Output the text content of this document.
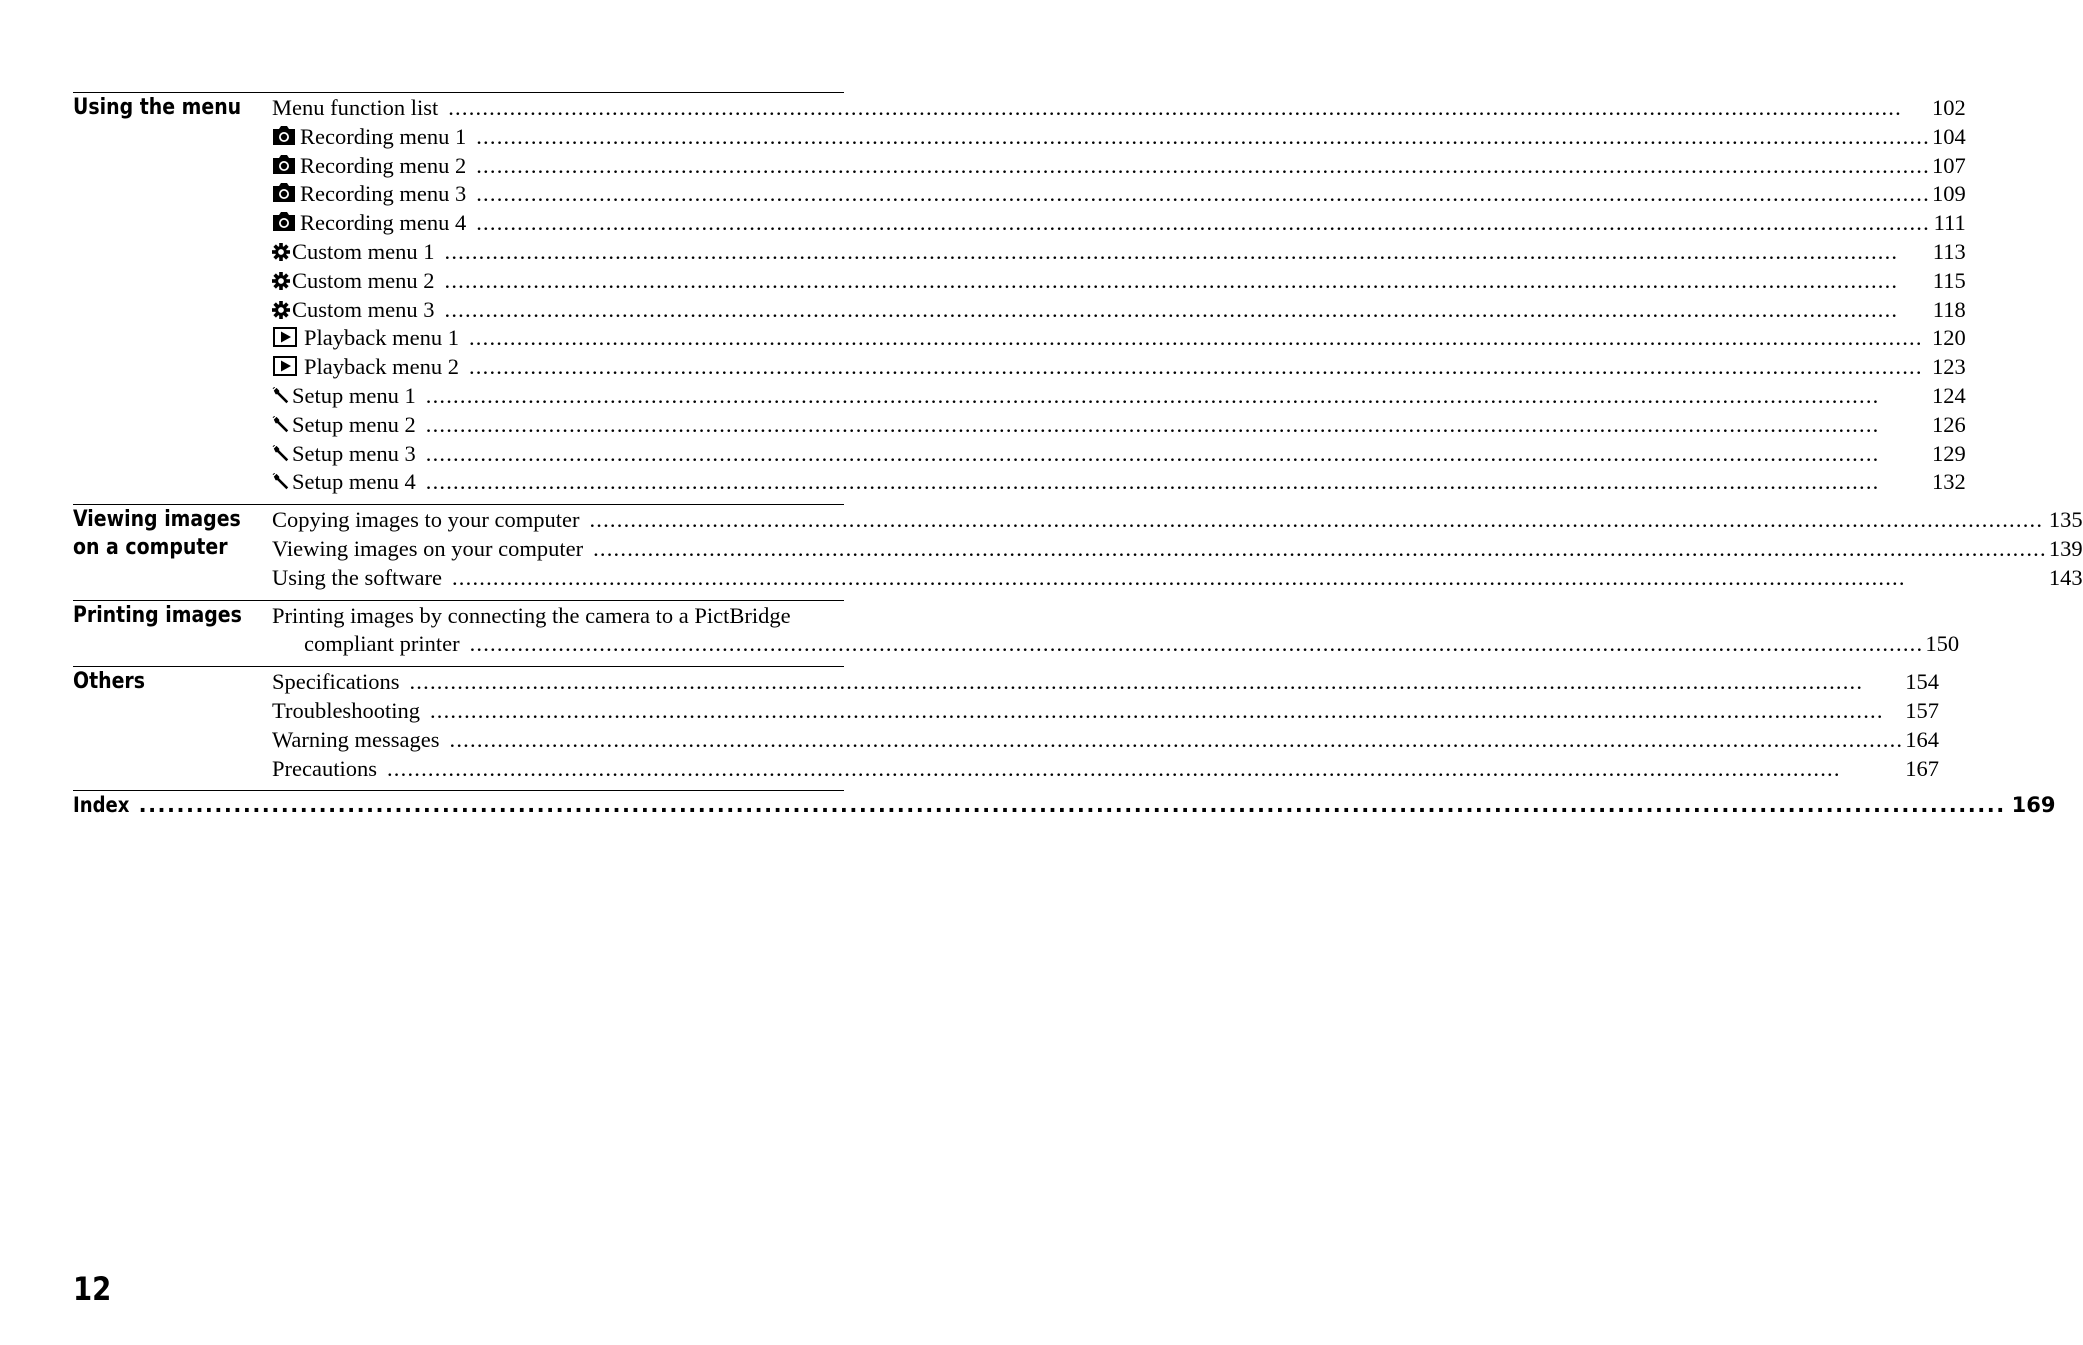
Using the menu Menu function list .....	102
Recording menu 1 .....	104
Recording menu 2 .....	107
Recording menu 3 .....	109
Recording menu 4 .....	111
Custom menu 1 .....	113
Custom menu 2 .....	115
Custom menu 3 .....	118
Playback menu 1 .....	120
Playback menu 2 .....	123
Setup menu 1 .....	124
Setup menu 2 .....	126
Setup menu 3 .....	129
Setup menu 4 .....	132
Viewing images
on a computer
Copying images to your computer .....	135
Viewing images on your computer .....	139
Using the software .....	143
Printing images Printing images by connecting the camera to a PictBridge
compliant printer .....	150
Others	Specifications .....	154
Troubleshooting .....	157
Warning messages .....	164
Precautions .....	167
Index .....	169
12
